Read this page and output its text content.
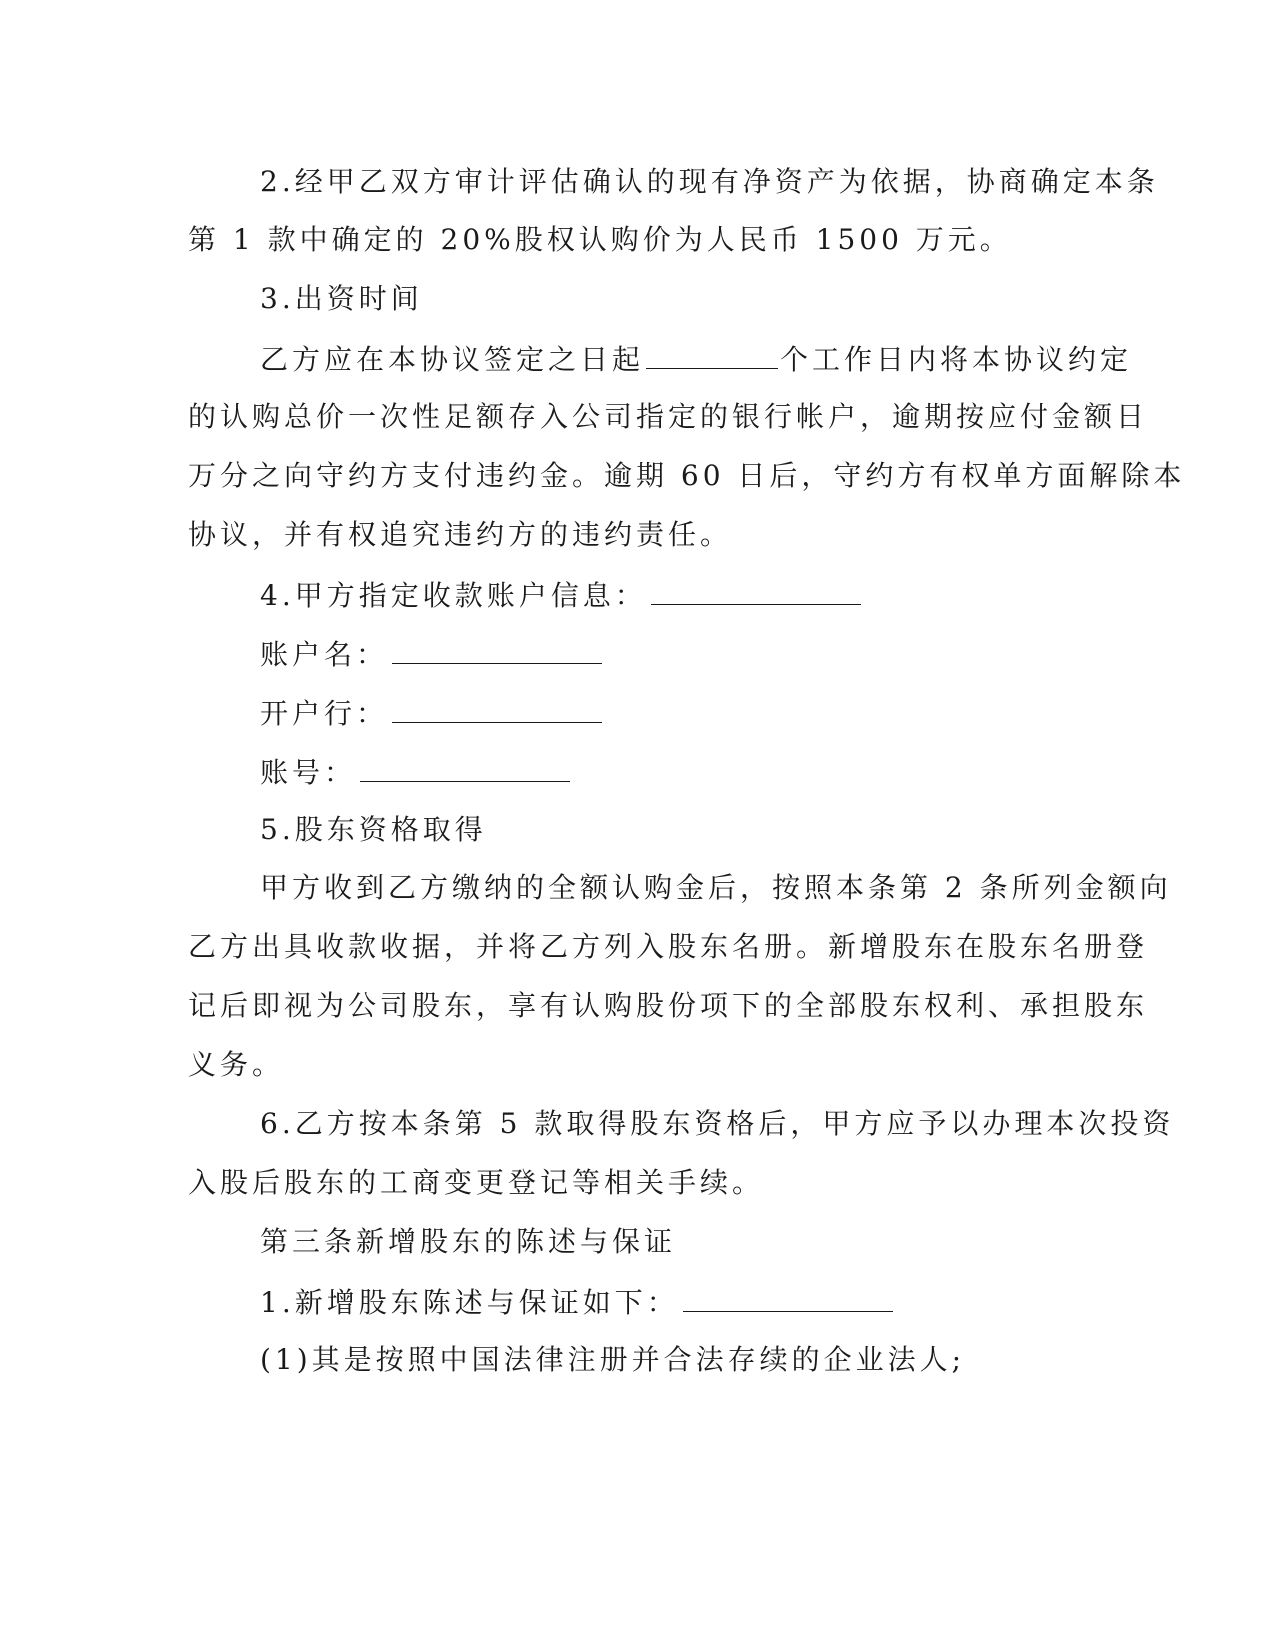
2.经甲乙双方审计评估确认的现有净资产为依据，协商确定本条
第 1 款中确定的 20%股权认购价为人民币 1500 万元。
3.出资时间
乙方应在本协议签定之日起	个工作日内将本协议约定
的认购总价一次性足额存入公司指定的银行帐户，逾期按应付金额日
万分之向守约方支付违约金。逾期 60 日后，守约方有权单方面解除本
协议，并有权追究违约方的违约责任。
4.甲方指定收款账户信息：
账户名：
开户行：
账号：
5.股东资格取得
甲方收到乙方缴纳的全额认购金后，按照本条第 2 条所列金额向
乙方出具收款收据，并将乙方列入股东名册。新增股东在股东名册登
记后即视为公司股东，享有认购股份项下的全部股东权利、承担股东
义务。
6.乙方按本条第 5 款取得股东资格后，甲方应予以办理本次投资
入股后股东的工商变更登记等相关手续。
第三条新增股东的陈述与保证
1.新增股东陈述与保证如下：
(1)其是按照中国法律注册并合法存续的企业法人;
